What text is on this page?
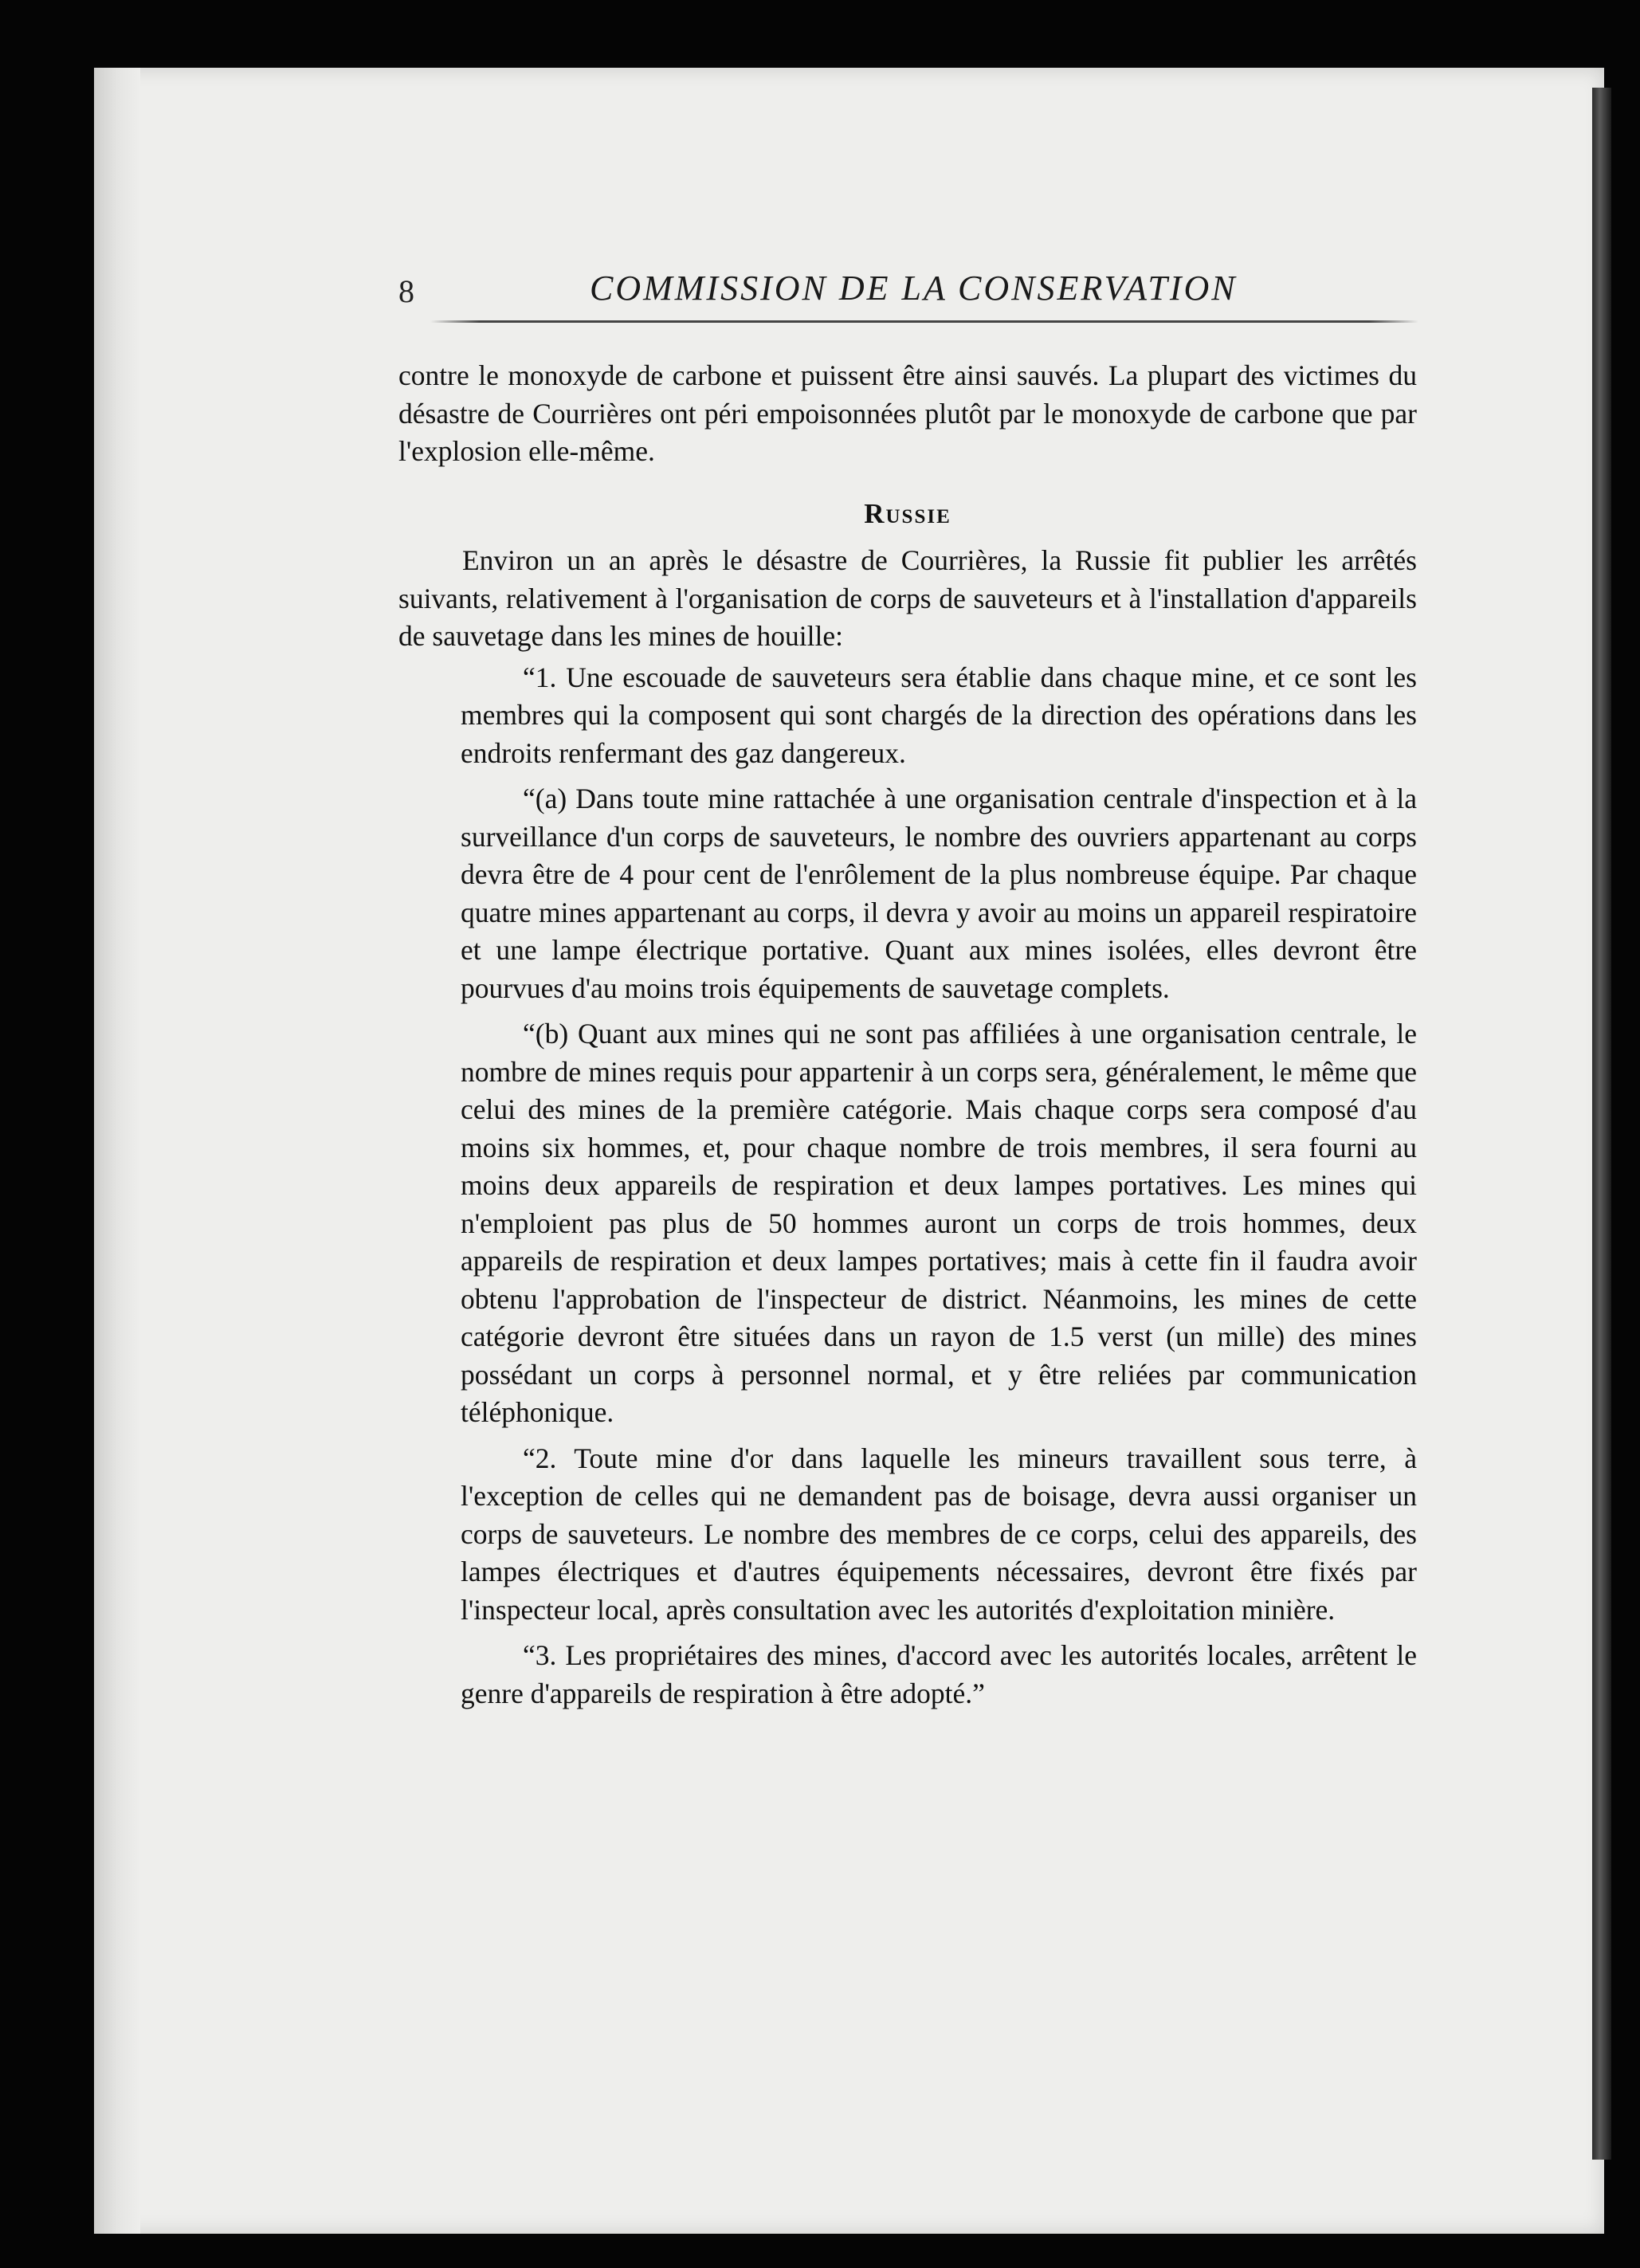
8	COMMISSION DE LA CONSERVATION

contre le monoxyde de carbone et puissent être ainsi sauvés. La plupart des victimes du désastre de Courrières ont péri empoisonnées plutôt par le monoxyde de carbone que par l'explosion elle-même.

Russie

Environ un an après le désastre de Courrières, la Russie fit publier les arrêtés suivants, relativement à l'organisation de corps de sauveteurs et à l'installation d'appareils de sauvetage dans les mines de houille:

“1. Une escouade de sauveteurs sera établie dans chaque mine, et ce sont les membres qui la composent qui sont chargés de la direction des opérations dans les endroits renfermant des gaz dangereux.

“(a) Dans toute mine rattachée à une organisation centrale d'inspection et à la surveillance d'un corps de sauveteurs, le nombre des ouvriers appartenant au corps devra être de 4 pour cent de l'enrôlement de la plus nombreuse équipe. Par chaque quatre mines appartenant au corps, il devra y avoir au moins un appareil respiratoire et une lampe électrique portative. Quant aux mines isolées, elles devront être pourvues d'au moins trois équipements de sauvetage complets.

“(b) Quant aux mines qui ne sont pas affiliées à une organisation centrale, le nombre de mines requis pour appartenir à un corps sera, généralement, le même que celui des mines de la première catégorie. Mais chaque corps sera composé d'au moins six hommes, et, pour chaque nombre de trois membres, il sera fourni au moins deux appareils de respiration et deux lampes portatives. Les mines qui n'emploient pas plus de 50 hommes auront un corps de trois hommes, deux appareils de respiration et deux lampes portatives; mais à cette fin il faudra avoir obtenu l'approbation de l'inspecteur de district. Néanmoins, les mines de cette catégorie devront être situées dans un rayon de 1.5 verst (un mille) des mines possédant un corps à personnel normal, et y être reliées par communication téléphonique.

“2. Toute mine d'or dans laquelle les mineurs travaillent sous terre, à l'exception de celles qui ne demandent pas de boisage, devra aussi organiser un corps de sauveteurs. Le nombre des membres de ce corps, celui des appareils, des lampes électriques et d'autres équipements nécessaires, devront être fixés par l'inspecteur local, après consultation avec les autorités d'exploitation minière.

“3. Les propriétaires des mines, d'accord avec les autorités locales, arrêtent le genre d'appareils de respiration à être adopté.”
